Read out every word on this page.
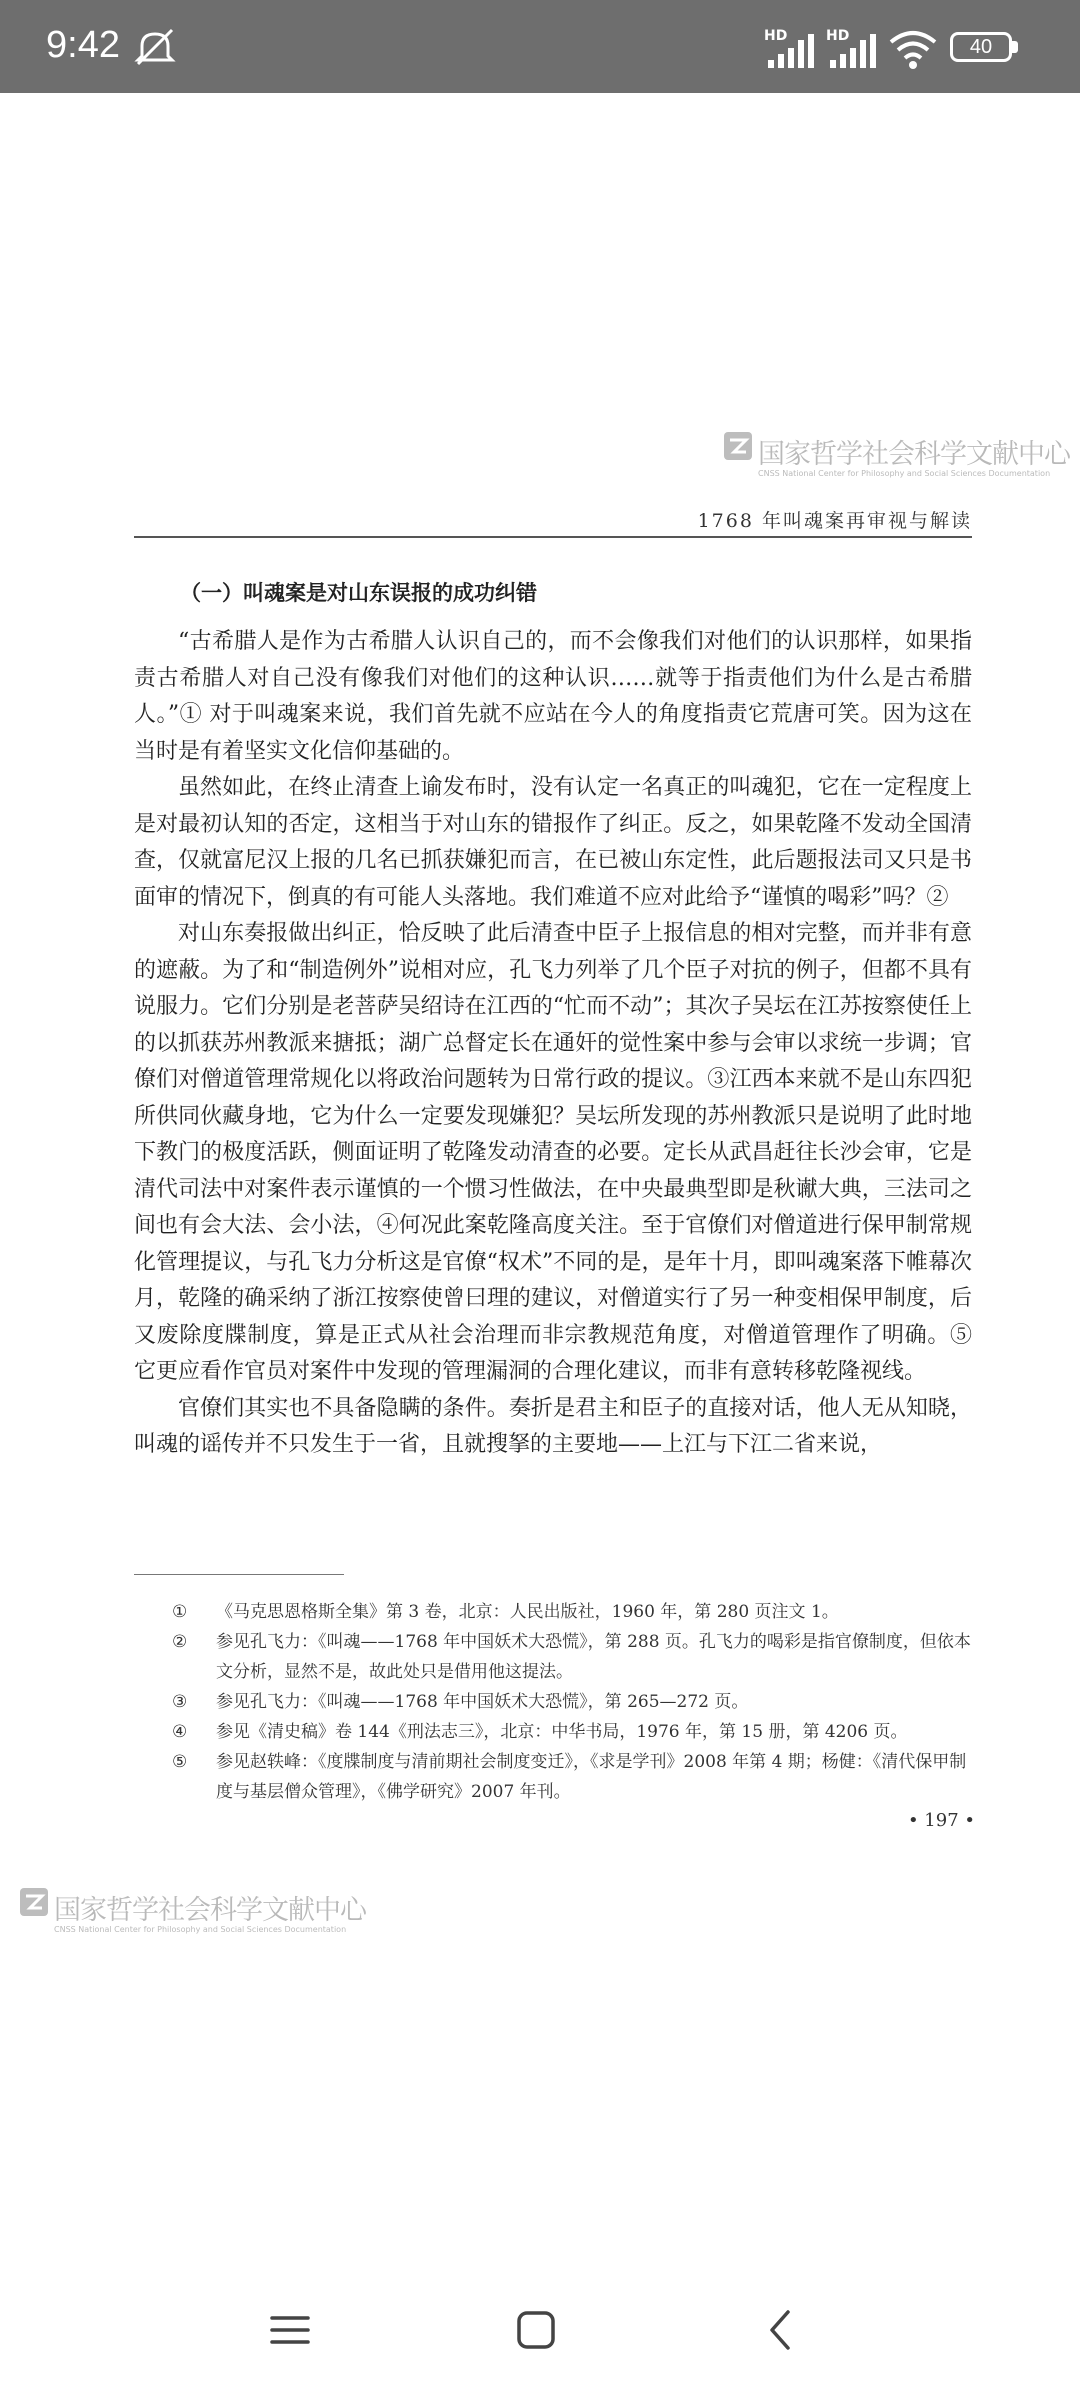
9:42	HD	HD	40
国家哲学社会科学文献中心
CNSS National Center for Philosophy and Social Sciences Documentation
1768 年叫魂案再审视与解读
（一）叫魂案是对山东误报的成功纠错

“古希腊人是作为古希腊人认识自己的，而不会像我们对他们的认识那样，如果指责古希腊人对自己没有像我们对他们的这种认识……就等于指责他们为什么是古希腊人。”① 对于叫魂案来说，我们首先就不应站在今人的角度指责它荒唐可笑。因为这在当时是有着坚实文化信仰基础的。

虽然如此，在终止清查上谕发布时，没有认定一名真正的叫魂犯，它在一定程度上是对最初认知的否定，这相当于对山东的错报作了纠正。反之，如果乾隆不发动全国清查，仅就富尼汉上报的几名已抓获嫌犯而言，在已被山东定性，此后题报法司又只是书面审的情况下，倒真的有可能人头落地。我们难道不应对此给予“谨慎的喝彩”吗？②

对山东奏报做出纠正，恰反映了此后清查中臣子上报信息的相对完整，而并非有意的遮蔽。为了和“制造例外”说相对应，孔飞力列举了几个臣子对抗的例子，但都不具有说服力。它们分别是老菩萨吴绍诗在江西的“忙而不动”；其次子吴坛在江苏按察使任上的以抓获苏州教派来搪抵；湖广总督定长在通奸的觉性案中参与会审以求统一步调；官僚们对僧道管理常规化以将政治问题转为日常行政的提议。③江西本来就不是山东四犯所供同伙藏身地，它为什么一定要发现嫌犯？吴坛所发现的苏州教派只是说明了此时地下教门的极度活跃，侧面证明了乾隆发动清查的必要。定长从武昌赶往长沙会审，它是清代司法中对案件表示谨慎的一个惯习性做法，在中央最典型即是秋谳大典，三法司之间也有会大法、会小法，④何况此案乾隆高度关注。至于官僚们对僧道进行保甲制常规化管理提议，与孔飞力分析这是官僚“权术”不同的是，是年十月，即叫魂案落下帷幕次月，乾隆的确采纳了浙江按察使曾曰理的建议，对僧道实行了另一种变相保甲制度，后又废除度牒制度，算是正式从社会治理而非宗教规范角度，对僧道管理作了明确。⑤ 它更应看作官员对案件中发现的管理漏洞的合理化建议，而非有意转移乾隆视线。

官僚们其实也不具备隐瞒的条件。奏折是君主和臣子的直接对话，他人无从知晓，叫魂的谣传并不只发生于一省，且就搜拏的主要地——上江与下江二省来说，

①	《马克思恩格斯全集》第 3 卷，北京：人民出版社，1960 年，第 280 页注文 1。
②	参见孔飞力：《叫魂——1768 年中国妖术大恐慌》，第 288 页。孔飞力的喝彩是指官僚制度，但依本文分析，显然不是，故此处只是借用他这提法。
③	参见孔飞力：《叫魂——1768 年中国妖术大恐慌》，第 265—272 页。
④	参见《清史稿》卷 144《刑法志三》，北京：中华书局，1976 年，第 15 册，第 4206 页。
⑤	参见赵轶峰：《度牒制度与清前期社会制度变迁》，《求是学刊》2008 年第 4 期；杨健：《清代保甲制度与基层僧众管理》，《佛学研究》2007 年刊。
• 197 •
国家哲学社会科学文献中心
CNSS National Center for Philosophy and Social Sciences Documentation
